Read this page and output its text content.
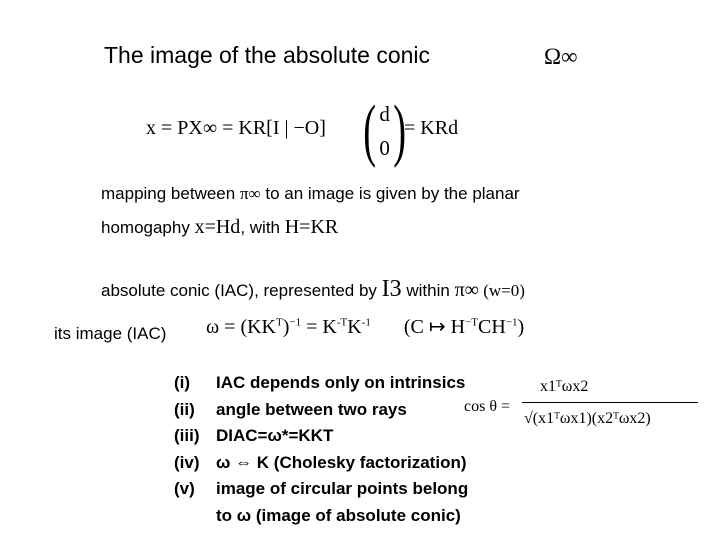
The image of the absolute conic	Ω∞
x = PX∞ = KR[I | −O] ( d
0 )
= KRd
mapping between π∞ to an image is given by the planar
homogaphy x=Hd, with H=KR
absolute conic (IAC), represented by I3 within π∞ (w=0)
its image (IAC) $\omega = (KK^T)^{-1} = K^{-T}K^{-1}$ (C ↦ $H^{-T}CH^{-1}$)
(i)	IAC depends only on intrinsics
(ii)	angle between two rays
(iii) DIAC=ω*=KKT
(iv) ω ⇔ K (Cholesky factorization)
(v)	image of circular points belong
to ω (image of absolute conic)
cos θ =
x1ᵀωx2
√(x1ᵀωx1)(x2ᵀωx2)
